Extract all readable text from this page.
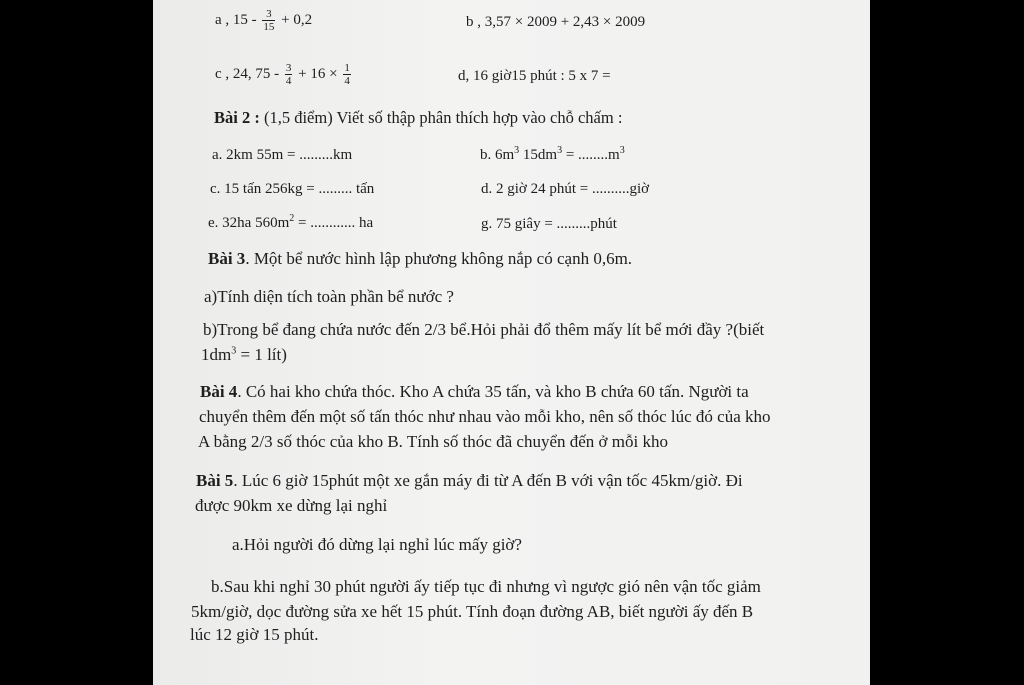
a , $15 - \frac{3}{15} + 0,2$	b , 3,57 × 2009 + 2,43 × 2009
c , 24, $75 - \frac{3}{4} + 16 \times \frac{1}{4}$	d, 16 giờ15 phút : 5 x 7 =
Bài 2 : (1,5 điểm) Viết số thập phân thích hợp vào chỗ chấm :
a. 2km 55m = .........km	b. $6m^3$ $15dm^3 = ........m^3$
c. 15 tấn 256kg = ......... tấn	d. 2 giờ 24 phút = ..........giờ
e. 32ha $560m^2$ = ............ ha	g. 75 giây = .........phút
Bài 3. Một bể nước hình lập phương không nắp có cạnh 0,6m.
a)Tính diện tích toàn phần bể nước ?
b)Trong bể đang chứa nước đến 2/3 bể.Hỏi phải đổ thêm mấy lít bể mới đầy ?(biết
$1dm^3 = 1$ lít)
Bài 4. Có hai kho chứa thóc. Kho A chứa 35 tấn, và kho B chứa 60 tấn. Người ta
chuyển thêm đến một số tấn thóc như nhau vào mỗi kho, nên số thóc lúc đó của kho
A bằng 2/3 số thóc của kho B. Tính số thóc đã chuyển đến ở mỗi kho
Bài 5. Lúc 6 giờ 15phút một xe gắn máy đi từ A đến B với vận tốc 45km/giờ. Đi
được 90km xe dừng lại nghỉ
a.Hỏi người đó dừng lại nghỉ lúc mấy giờ?
b.Sau khi nghỉ 30 phút người ấy tiếp tục đi nhưng vì ngược gió nên vận tốc giảm
5km/giờ, dọc đường sửa xe hết 15 phút. Tính đoạn đường AB, biết người ấy đến B
lúc 12 giờ 15 phút.
